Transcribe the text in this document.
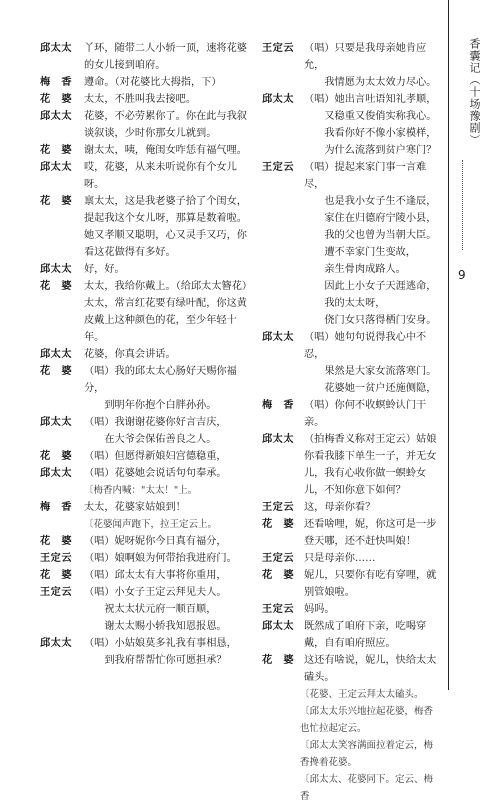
邱太太	丫环，随带二人小轿一顶，速将花婆的女儿接到咱府。
梅　香	遵命。（对花婆比大拇指，下）
花　婆	太太，不胜叫我去接吧。
邱太太	花婆，不必劳累你了。你在此与我叙谈叙谈，少时你那女儿就到。
花　婆	谢太太，咦，俺闺女咋恁有福气哩。
邱太太	哎，花婆，从来未听说你有个女儿呀。
花　婆	禀太太，这是我老婆子拾了个闺女，提起我这个女儿呀，那算是数着啦。她又孝顺又聪明，心又灵手又巧，你看这花做得有多好。
邱太太	好，好。
花　婆	太太，我给你戴上。（给邱太太簪花）太太，常言红花要有绿叶配，你这黄皮戴上这种颜色的花，至少年轻十年。
邱太太	花婆，你真会讲话。
花　婆	（唱）我的邱太太心肠好天赐你福分，
　　到明年你抱个白胖孙孙。
邱太太	（唱）我谢谢花婆你好言吉庆，
　　在大爷会保佑善良之人。
花　婆	（唱）但愿得新娘妇宫德稳重，
邱太太	（唱）花婆她会说话句句奉承。
〔梅香内喊："太太！"上。
梅　香	太太，花婆家姑娘到！
〔花婆闻声跑下，拉王定云上。
花　婆	（唱）妮呀妮你今日真有福分，
王定云	（唱）娘啊娘为何带抬我进府门。
花　婆	（唱）邱太太有大事将你重用，
王定云	（唱）小女子王定云拜见夫人。
　　祝太太状元府一顺百顺，
　　谢太太赐小轿我知恩报恩。
邱太太	（唱）小姑娘莫多礼我有事相恳，
　　到我府帮帮忙你可愿担承？
王定云 （唱）只要是我母亲她肯应允，
　　我情愿为太太效力尽心。
邱太太 （唱）她出言吐语知礼孝顺，
　　又稳重又俊俏实称我心。
　　我看你好不像小家模样，
　　为什么流落到贫户寒门？
王定云 （唱）提起来家门事一言难尽，
　　也是我小女子生不逢辰，
　　家住在归德府宁陵小县，
　　我的父也曾为当朝大臣。
　　遭不幸家门生变故，
　　亲生骨肉成路人。
　　因此上小女子天涯逃命，
　　我的太太呀，
　　侥门女只落得栖门安身。
邱太太 （唱）她句句说得我心中不忍，
　　果然是大家女流落寒门。
　　花婆她一贫户还施侧隐，
梅　香 （唱）你何不收螟蛉认门干亲。
邱太太 （拍梅香义称对王定云）姑娘你看我膝下单生一子，并无女儿，我有心收你做一螟蛉女儿，不知你意下如何？
王定云 这，母亲你看？
花　婆 还看啥哩，妮，你这可是一步登天哪，还不赶快叫娘！
王定云 只是母亲你……
花　婆 妮儿，只要你有吃有穿哩，就别管娘啦。
王定云 妈吗。
邱太太 既然成了咱府下亲，吃喝穿戴，自有咱府照应。
花　婆 这还有啥说，妮儿，快给太太磕头。
〔花婆、王定云拜太太磕头。
〔邱太太乐兴地拉起花婆，梅香也忙拉起定云。
〔邱太太笑容满面拉着定云，梅香搀着花婆。
〔邱太太、花婆同下。定云、梅香
香囊记（十场豫剧）
9
